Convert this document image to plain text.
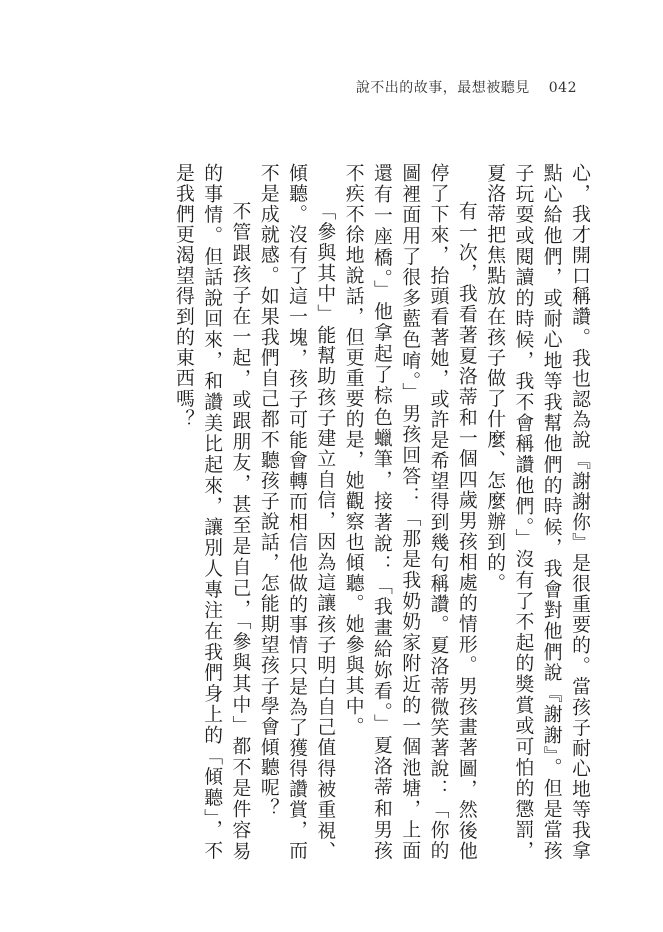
說不出的故事，最想被聽見 042

心，我才開口稱讚。我也認為說『謝謝你』是很重要的。當孩子耐心地等我拿點心給他們，或耐心地等我幫他們的時候，我會對他們說『謝謝』。但是當孩子玩耍或閱讀的時候，我不會稱讚他們。」沒有了不起的獎賞或可怕的懲罰，夏洛蒂把焦點放在孩子做了什麼、怎麼辦到的。

有一次，我看著夏洛蒂和一個四歲男孩相處的情形。男孩畫著圖，然後他停了下來，抬頭看著她，或許是希望得到幾句稱讚。夏洛蒂微笑著說：「你的圖裡面用了很多藍色唷。」男孩回答：「那是我奶奶家附近的一個池塘，上面還有一座橋。」他拿起了棕色蠟筆，接著說：「我畫給妳看。」夏洛蒂和男孩不疾不徐地說話，但更重要的是，她觀察也傾聽。她參與其中。

「參與其中」能幫助孩子建立自信，因為這讓孩子明白自己值得被重視、傾聽。沒有了這一塊，孩子可能會轉而相信他做的事情只是為了獲得讚賞，而不是成就感。如果我們自己都不聽孩子說話，怎能期望孩子學會傾聽呢？

不管跟孩子在一起，或跟朋友，甚至是自己，「參與其中」都不是件容易的事情。但話說回來，和讚美比起來，讓別人專注在我們身上的「傾聽」，不是我們更渴望得到的東西嗎？
